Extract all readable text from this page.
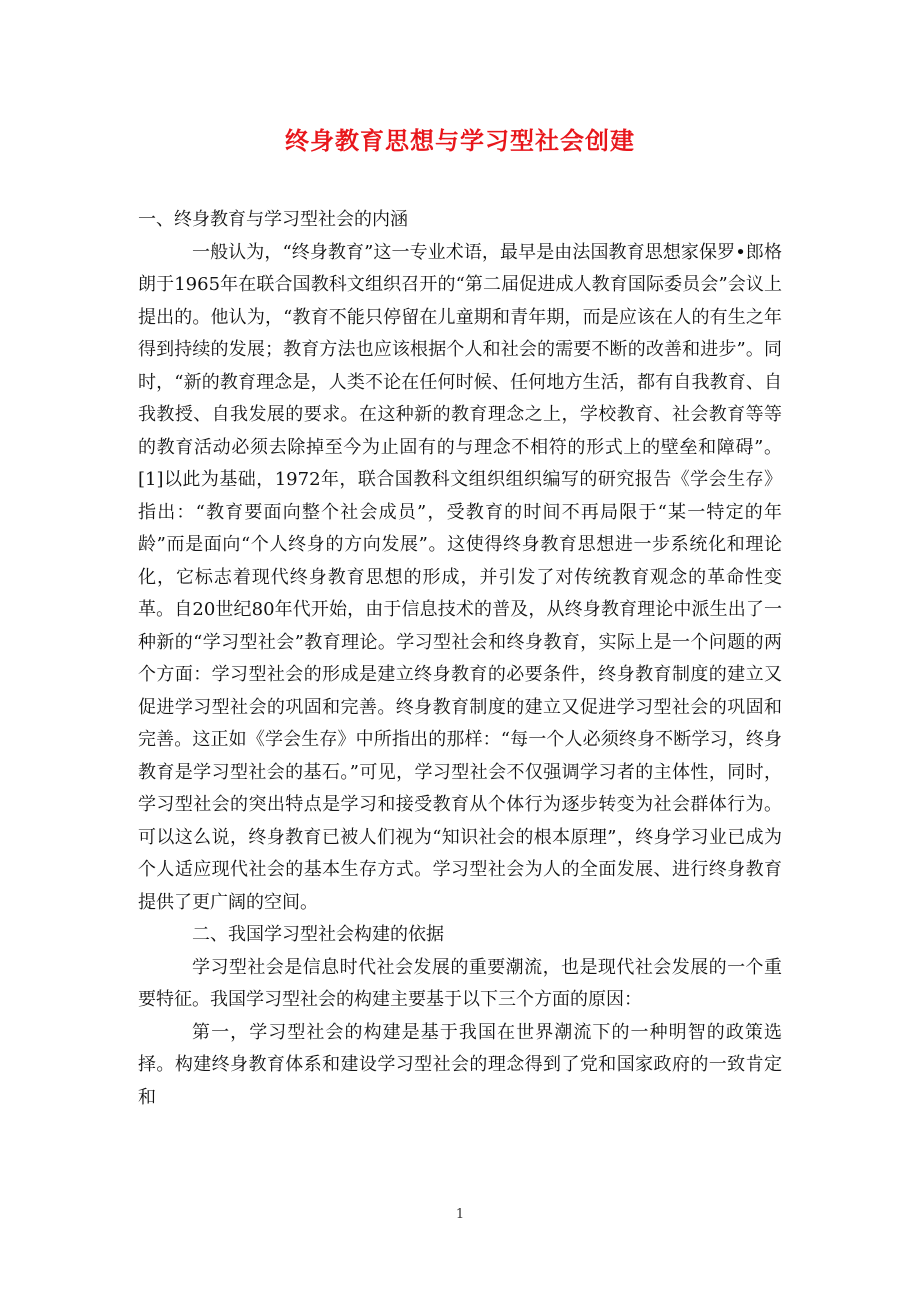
终身教育思想与学习型社会创建

一、终身教育与学习型社会的内涵

一般认为，“终身教育”这一专业术语，最早是由法国教育思想家保罗•郎格朗于1965年在联合国教科文组织召开的“第二届促进成人教育国际委员会”会议上提出的。他认为，“教育不能只停留在儿童期和青年期，而是应该在人的有生之年得到持续的发展；教育方法也应该根据个人和社会的需要不断的改善和进步”。同时，“新的教育理念是，人类不论在任何时候、任何地方生活，都有自我教育、自我教授、自我发展的要求。在这种新的教育理念之上，学校教育、社会教育等等的教育活动必须去除掉至今为止固有的与理念不相符的形式上的壁垒和障碍”。[1]以此为基础，1972年，联合国教科文组织组织编写的研究报告《学会生存》指出：“教育要面向整个社会成员”，受教育的时间不再局限于“某一特定的年龄”而是面向“个人终身的方向发展”。这使得终身教育思想进一步系统化和理论化，它标志着现代终身教育思想的形成，并引发了对传统教育观念的革命性变革。自20世纪80年代开始，由于信息技术的普及，从终身教育理论中派生出了一种新的“学习型社会”教育理论。学习型社会和终身教育，实际上是一个问题的两个方面：学习型社会的形成是建立终身教育的必要条件，终身教育制度的建立又促进学习型社会的巩固和完善。终身教育制度的建立又促进学习型社会的巩固和完善。这正如《学会生存》中所指出的那样：“每一个人必须终身不断学习，终身教育是学习型社会的基石。”可见，学习型社会不仅强调学习者的主体性，同时，学习型社会的突出特点是学习和接受教育从个体行为逐步转变为社会群体行为。可以这么说，终身教育已被人们视为“知识社会的根本原理”，终身学习业已成为个人适应现代社会的基本生存方式。学习型社会为人的全面发展、进行终身教育提供了更广阔的空间。

二、我国学习型社会构建的依据

学习型社会是信息时代社会发展的重要潮流，也是现代社会发展的一个重要特征。我国学习型社会的构建主要基于以下三个方面的原因：

第一，学习型社会的构建是基于我国在世界潮流下的一种明智的政策选择。构建终身教育体系和建设学习型社会的理念得到了党和国家政府的一致肯定和

1
